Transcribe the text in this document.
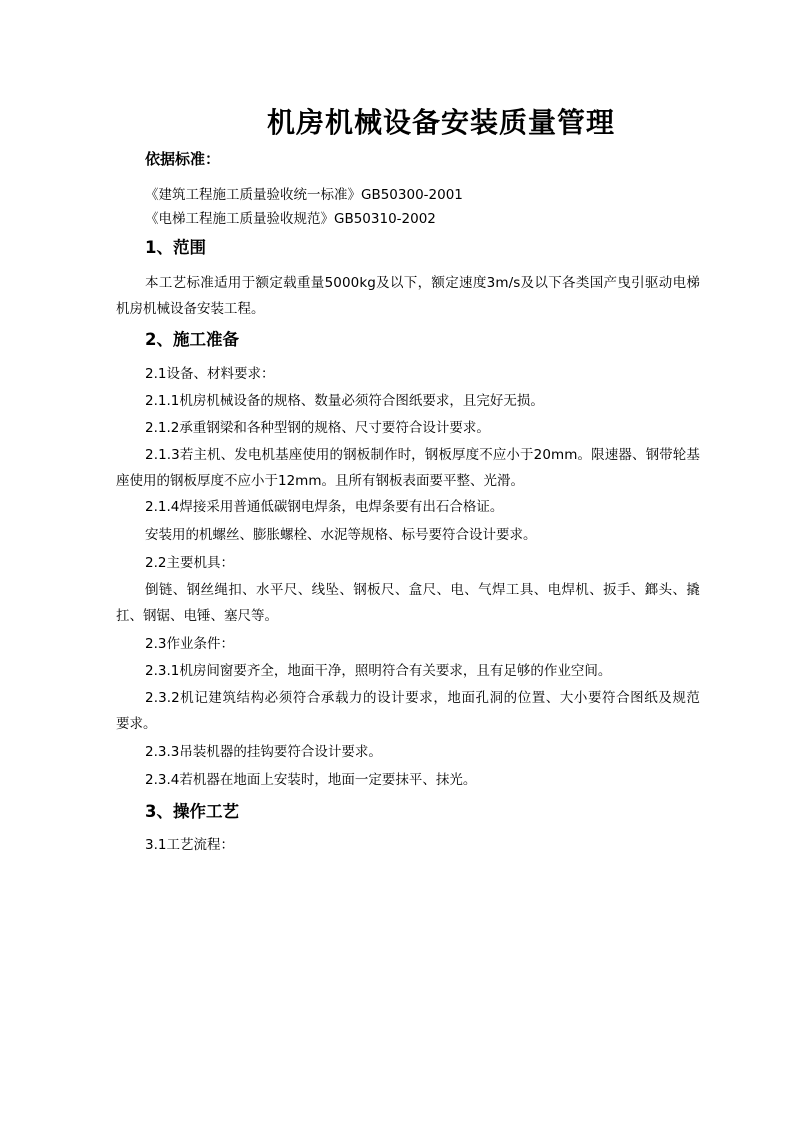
机房机械设备安装质量管理
依据标准：
《建筑工程施工质量验收统一标准》GB50300-2001
《电梯工程施工质量验收规范》GB50310-2002
1、范围
本工艺标准适用于额定载重量5000kg及以下，额定速度3m/s及以下各类国产曳引驱动电梯
机房机械设备安装工程。
2、施工准备
2.1设备、材料要求：
2.1.1机房机械设备的规格、数量必须符合图纸要求，且完好无损。
2.1.2承重钢梁和各种型钢的规格、尺寸要符合设计要求。
2.1.3若主机、发电机基座使用的钢板制作时，钢板厚度不应小于20mm。限速器、钢带轮基
座使用的钢板厚度不应小于12mm。且所有钢板表面要平整、光滑。
2.1.4焊接采用普通低碳钢电焊条，电焊条要有出石合格证。
安装用的机螺丝、膨胀螺栓、水泥等规格、标号要符合设计要求。
2.2主要机具：
倒链、钢丝绳扣、水平尺、线坠、钢板尺、盒尺、电、气焊工具、电焊机、扳手、鎯头、撬
扛、钢锯、电锤、塞尺等。
2.3作业条件：
2.3.1机房间窗要齐全，地面干净，照明符合有关要求，且有足够的作业空间。
2.3.2机记建筑结构必须符合承载力的设计要求，地面孔洞的位置、大小要符合图纸及规范
要求。
2.3.3吊装机器的挂钩要符合设计要求。
2.3.4若机器在地面上安装时，地面一定要抹平、抹光。
3、操作工艺
3.1工艺流程：
